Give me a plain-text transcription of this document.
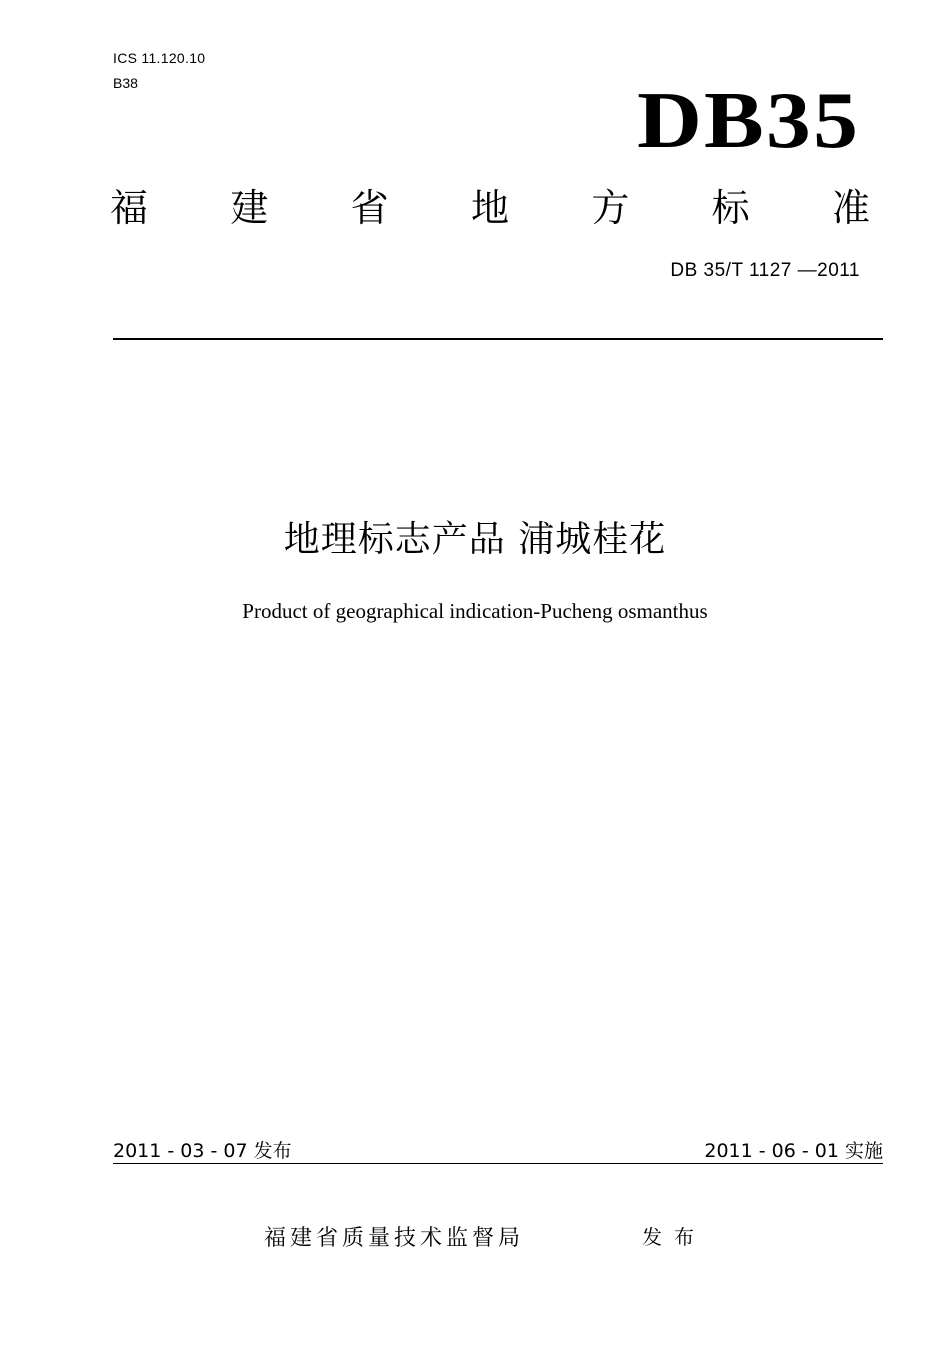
ICS 11.120.10
B38	DB35
福 建 省 地 方 标 准
DB 35/T 1127 —2011
地理标志产品 浦城桂花
Product of geographical indication-Pucheng osmanthus
2011 - 03 - 07 发布	2011 - 06 - 01 实施
福建省质量技术监督局	发布
